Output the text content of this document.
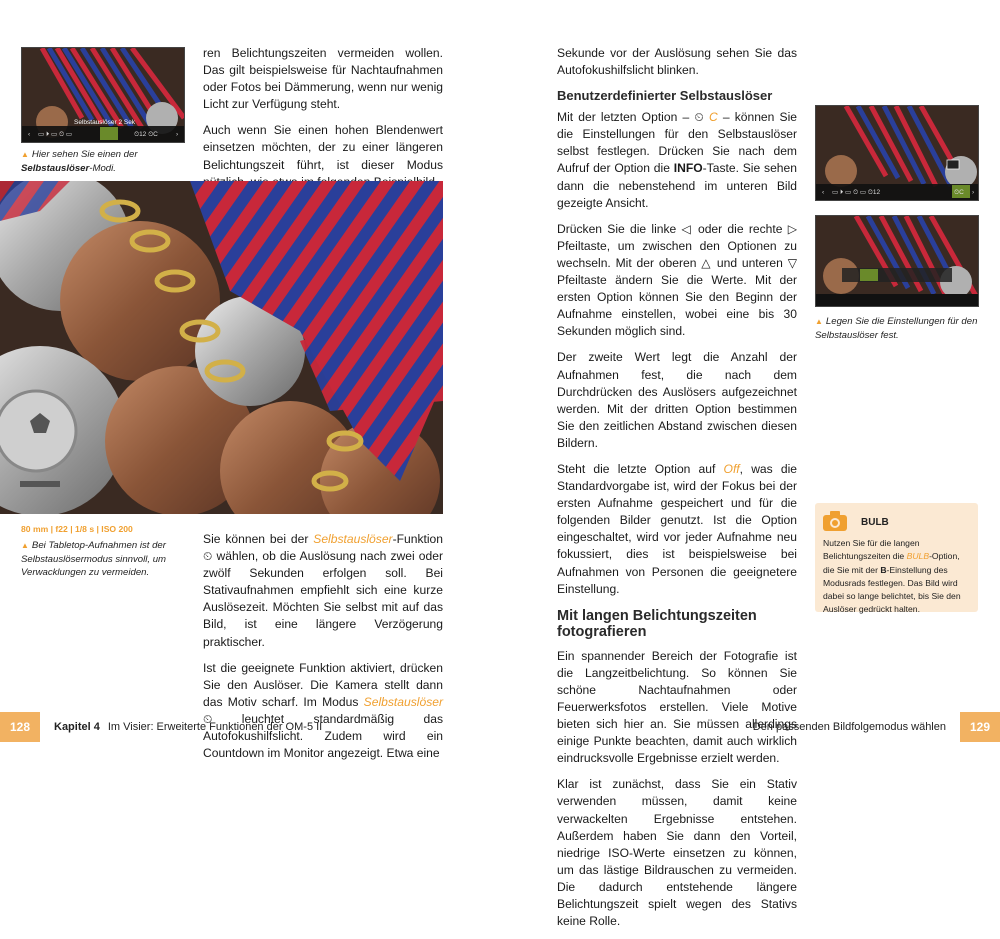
‹ ▭ ⏵ ▭ ⏲ ▭	⏲12 ⏲C	›
Selbstauslöser 2 Sek
▲ Hier sehen Sie einen der Selbstauslöser-Modi.

ren Belichtungszeiten vermeiden wollen. Das gilt beispielsweise für Nachtaufnahmen oder Fotos bei Dämmerung, wenn nur wenig Licht zur Verfügung steht.

Auch wenn Sie einen hohen Blendenwert einsetzen möchten, der zu einer längeren Belichtungszeit führt, ist dieser Modus

80 mm | f22 | 1/8 s | ISO 200
▲ Bei Tabletop-Aufnahmen ist der Selbstauslösermodus sinnvoll, um Verwacklungen zu vermeiden.

Sie können bei der Selbstauslöser-Funktion ⏲ wählen, ob die Auslösung nach zwei oder zwölf Sekunden erfolgen soll. Bei Stativaufnahmen empfiehlt sich eine kurze Auslösezeit. Möchten Sie selbst mit auf das Bild, ist eine längere Verzögerung praktischer.

Ist die geeignete Funktion aktiviert, drücken Sie den Auslöser. Die Kamera stellt dann das Motiv scharf. Im Modus Selbstauslöser ⏲ leuchtet standardmäßig das Autofokushilfslicht. Zudem wird ein Countdown im Monitor angezeigt. Etwa eine

128	Kapitel 4 Im Visier: Erweiterte Funktionen der OM-5 II

Sekunde vor der Auslösung sehen Sie das Autofokushilfslicht blinken.

Benutzerdefinierter Selbstauslöser

Mit der letzten Option – ⏲ C – können Sie die Einstellungen für den Selbstauslöser selbst festlegen. Drücken Sie nach dem Aufruf der Option die INFO-Taste. Sie sehen dann die nebenstehend im unteren Bild gezeigte Ansicht.

Drücken Sie die linke ◁ oder die rechte ▷ Pfeiltaste, um zwischen den Optionen zu wechseln. Mit der oberen △ und unteren ▽ Pfeiltaste ändern Sie die Werte. Mit der ersten Option können Sie den Beginn der Aufnahme einstellen, wobei eine bis 30 Sekunden möglich sind.

Der zweite Wert legt die Anzahl der Aufnahmen fest, die nach dem Durchdrücken des Auslösers aufgezeichnet werden. Mit der dritten Option bestimmen Sie den zeitlichen Abstand zwischen diesen Bildern.

Steht die letzte Option auf Off, was die Standardvorgabe ist, wird der Fokus bei der ersten Aufnahme gespeichert und für die folgenden Bilder genutzt. Ist die Option eingeschaltet, wird vor jeder Aufnahme neu fokussiert, dies ist beispielsweise bei Aufnahmen von Personen die geeignetere Einstellung.

Mit langen Belichtungszeiten fotografieren

Ein spannender Bereich der Fotografie ist die Langzeitbelichtung. So können Sie schöne Nachtaufnahmen oder Feuerwerksfotos erstellen. Viele Motive bieten sich hier an. Sie müssen allerdings einige Punkte beachten, damit auch wirklich eindrucksvolle Ergebnisse erzielt werden.

Klar ist zunächst, dass Sie ein Stativ verwenden müssen, damit keine verwackelten Ergebnisse entstehen. Außerdem haben Sie dann den Vorteil, niedrige ISO-Werte einsetzen zu können, um das lästige Bildrauschen zu vermeiden. Die dadurch entstehende längere Belichtungszeit spielt wegen des Stativs keine Rolle.

‹ ▭ ⏵ ▭ ⏲ ▭ ⏲12	⏲C ›
▲ Legen Sie die Einstellungen für den Selbstauslöser fest.
BULB
Nutzen Sie für die langen Belichtungszeiten die BULB-Option, die Sie mit der B-Einstellung des Modusrads festlegen. Das Bild wird dabei so lange belichtet, bis Sie den Auslöser gedrückt halten.
Den passenden Bildfolgemodus wählen	129
